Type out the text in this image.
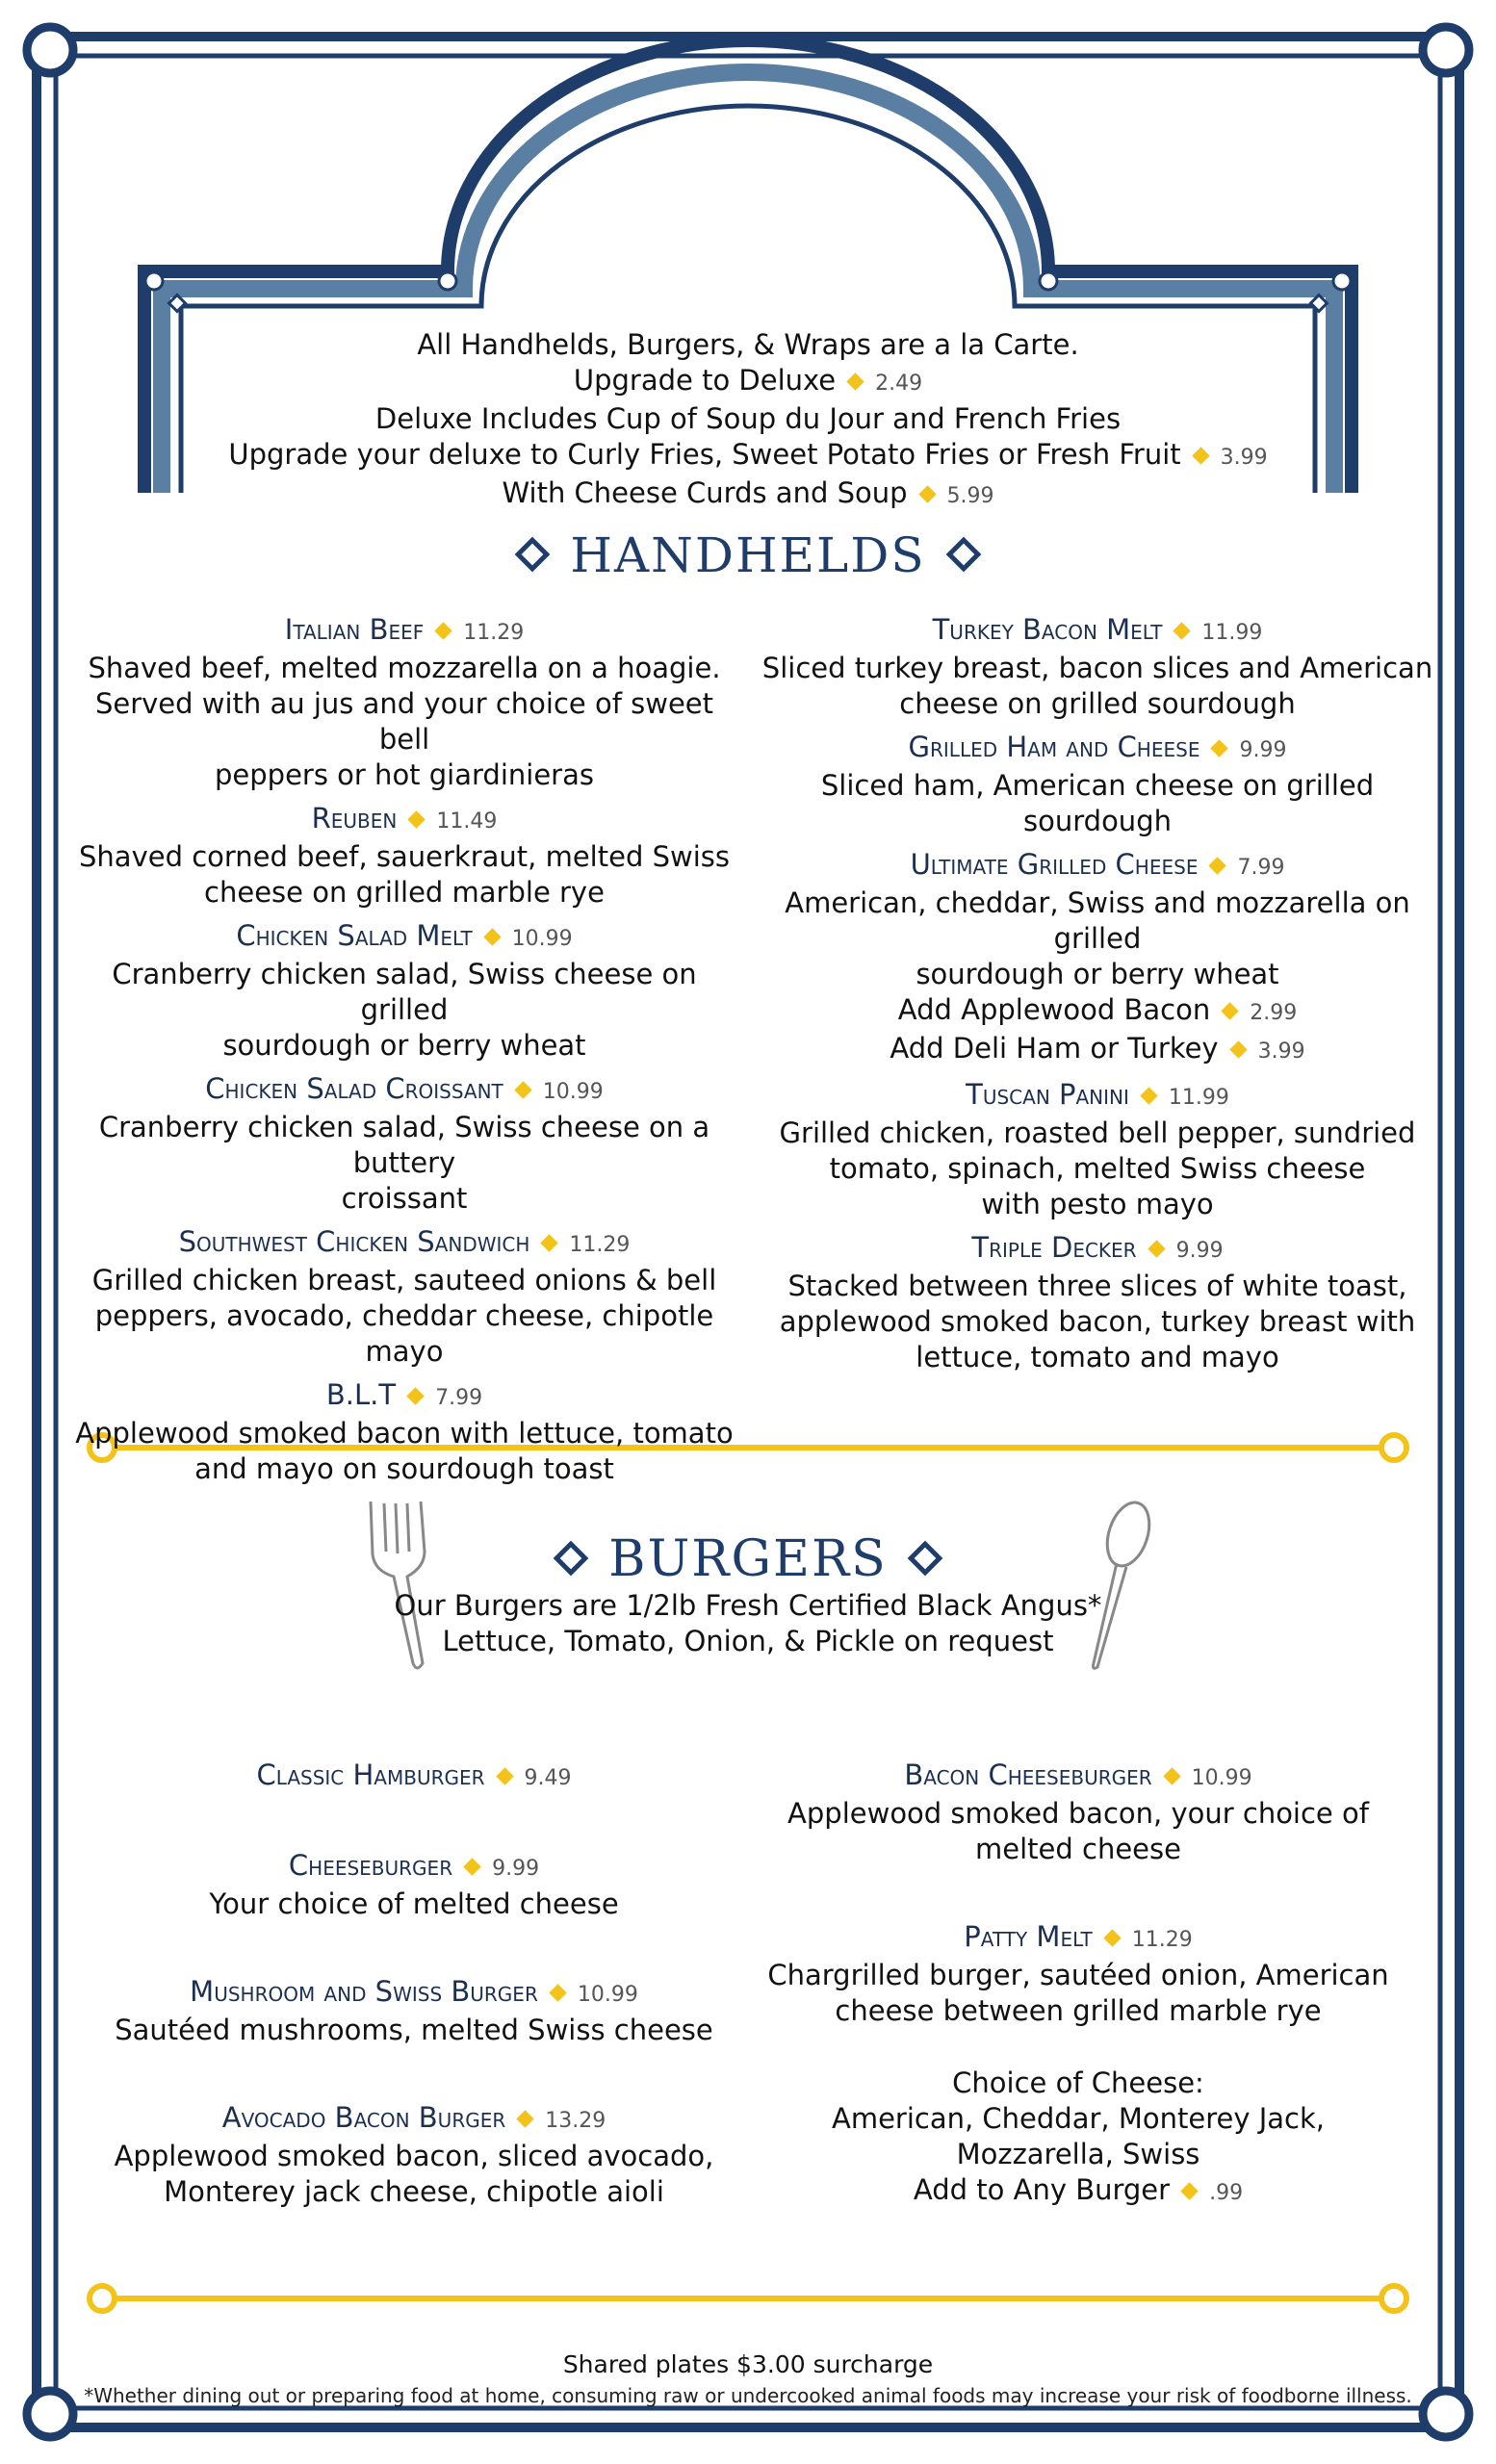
All Handhelds, Burgers, & Wraps are a la Carte.
Upgrade to Deluxe 2.49
Deluxe Includes Cup of Soup du Jour and French Fries
Upgrade your deluxe to Curly Fries, Sweet Potato Fries or Fresh Fruit 3.99
With Cheese Curds and Soup 5.99
HANDHELDS
Italian Beef 11.29
Shaved beef, melted mozzarella on a hoagie.
Served with au jus and your choice of sweet bell
peppers or hot giardinieras
Reuben 11.49
Shaved corned beef, sauerkraut, melted Swiss
cheese on grilled marble rye
Chicken Salad Melt 10.99
Cranberry chicken salad, Swiss cheese on grilled
sourdough or berry wheat
Chicken Salad Croissant 10.99
Cranberry chicken salad, Swiss cheese on a buttery
croissant
Southwest Chicken Sandwich 11.29
Grilled chicken breast, sauteed onions & bell
peppers, avocado, cheddar cheese, chipotle mayo
B.L.T 7.99
Applewood smoked bacon with lettuce, tomato
and mayo on sourdough toast
Turkey Bacon Melt 11.99
Sliced turkey breast, bacon slices and American
cheese on grilled sourdough
Grilled Ham and Cheese 9.99
Sliced ham, American cheese on grilled sourdough
Ultimate Grilled Cheese 7.99
American, cheddar, Swiss and mozzarella on grilled
sourdough or berry wheat
Add Applewood Bacon 2.99
Add Deli Ham or Turkey 3.99
Tuscan Panini 11.99
Grilled chicken, roasted bell pepper, sundried
tomato, spinach, melted Swiss cheese
with pesto mayo
Triple Decker 9.99
Stacked between three slices of white toast,
applewood smoked bacon, turkey breast with
lettuce, tomato and mayo
BURGERS
Our Burgers are 1/2lb Fresh Certified Black Angus*
Lettuce, Tomato, Onion, & Pickle on request
Classic Hamburger 9.49
Cheeseburger 9.99
Your choice of melted cheese
Mushroom and Swiss Burger 10.99
Sautéed mushrooms, melted Swiss cheese
Avocado Bacon Burger 13.29
Applewood smoked bacon, sliced avocado,
Monterey jack cheese, chipotle aioli
Bacon Cheeseburger 10.99
Applewood smoked bacon, your choice of
melted cheese
Patty Melt 11.29
Chargrilled burger, sautéed onion, American
cheese between grilled marble rye
Choice of Cheese:
American, Cheddar, Monterey Jack,
Mozzarella, Swiss
Add to Any Burger .99
Shared plates $3.00 surcharge
*Whether dining out or preparing food at home, consuming raw or undercooked animal foods may increase your risk of foodborne illness.
